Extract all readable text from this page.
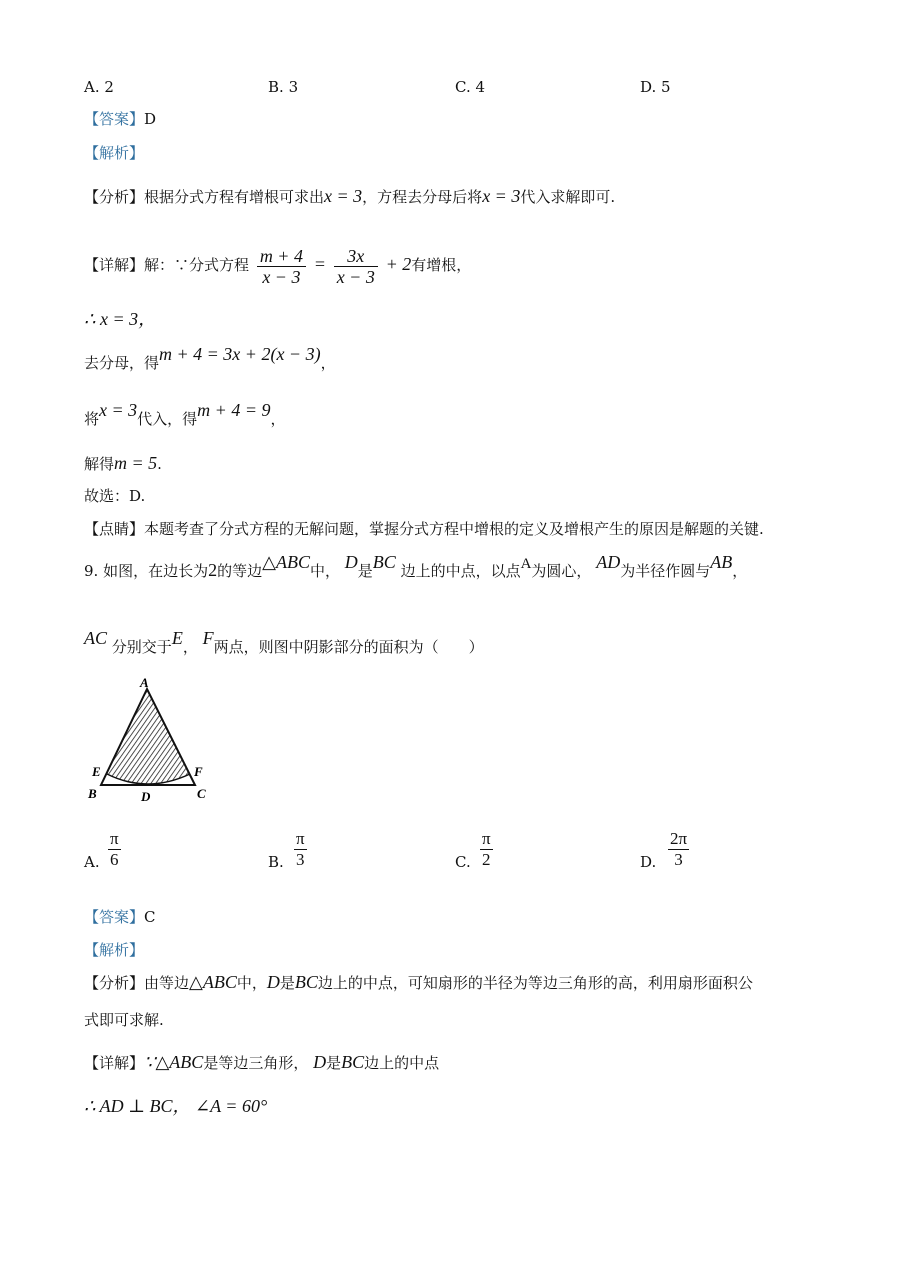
A. 2	B. 3	C. 4	D. 5
【答案】D
【解析】
【分析】根据分式方程有增根可求出x = 3，方程去分母后将x = 3代入求解即可.
【详解】解：∵分式方程 $\frac{m + 4}{x - 3} = \frac{3x}{x - 3} + 2$有增根，
∴ x = 3，
去分母，得m + 4 = 3x + 2(x − 3)，
将x = 3代入，得m + 4 = 9，
解得m = 5.
故选：D.
【点睛】本题考查了分式方程的无解问题，掌握分式方程中增根的定义及增根产生的原因是解题的关键.
9. 如图，在边长为2的等边△ABC中， D是BC 边上的中点，以点A为圆心， AD为半径作圆与AB，
AC 分别交于E， F两点，则图中阴影部分的面积为（　　）
A
E	F
B	D	C
A. $\frac{\pi}{6}$	B. $\frac{\pi}{3}$	C. $\frac{\pi}{2}$	D. $\frac{2\pi}{3}$
【答案】C
【解析】
【分析】由等边△ABC中，D是BC边上的中点，可知扇形的半径为等边三角形的高，利用扇形面积公
式即可求解.
【详解】∵△ABC是等边三角形， D是BC边上的中点
∴ AD ⊥ BC， ∠A = 60°
